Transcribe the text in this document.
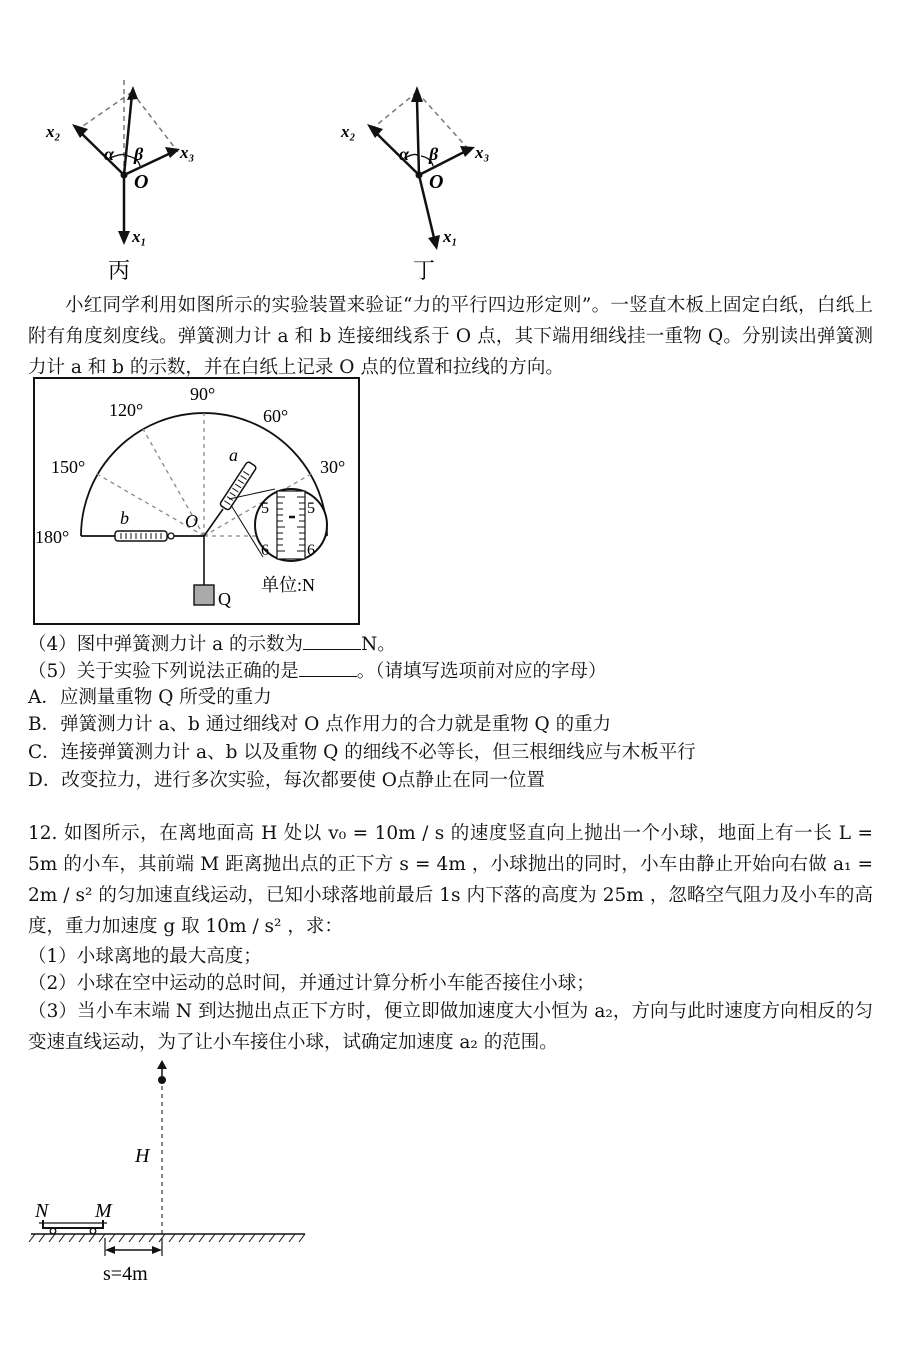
x₂
x₃
x₁
α β
O
丙
x₂
x₃
x₁
α β
O
丁
小红同学利用如图所示的实验装置来验证“力的平行四边形定则”。一竖直木板上固定白纸，白纸上附有角度刻度线。弹簧测力计 a 和 b 连接细线系于 O 点，其下端用细线挂一重物 Q。分别读出弹簧测力计 a 和 b 的示数，并在白纸上记录 O 点的位置和拉线的方向。
5 5
6 6
90°
120°	60°
150°	30°
180°
a
b	O
Q
单位:N
（4）图中弹簧测力计 a 的示数为	N。
（5）关于实验下列说法正确的是	。（请填写选项前对应的字母）
A．应测量重物 Q 所受的重力
B．弹簧测力计 a、b 通过细线对 O 点作用力的合力就是重物 Q 的重力
C．连接弹簧测力计 a、b 以及重物 Q 的细线不必等长，但三根细线应与木板平行
D．改变拉力，进行多次实验，每次都要使 O点静止在同一位置
12. 如图所示，在离地面高 H 处以 v₀ = 10m / s 的速度竖直向上抛出一个小球，地面上有一长 L = 5m 的小车，其前端 M 距离抛出点的正下方 s = 4m ，小球抛出的同时，小车由静止开始向右做 a₁ = 2m / s² 的匀加速直线运动，已知小球落地前最后 1s 内下落的高度为 25m ，忽略空气阻力及小车的高度，重力加速度 g 取 10m / s² ，求：
（1）小球离地的最大高度；
（2）小球在空中运动的总时间，并通过计算分析小车能否接住小球；
（3）当小车末端 N 到达抛出点正下方时，便立即做加速度大小恒为 a₂，方向与此时速度方向相反的匀变速直线运动，为了让小车接住小球，试确定加速度 a₂ 的范围。
H
N M
s=4m
